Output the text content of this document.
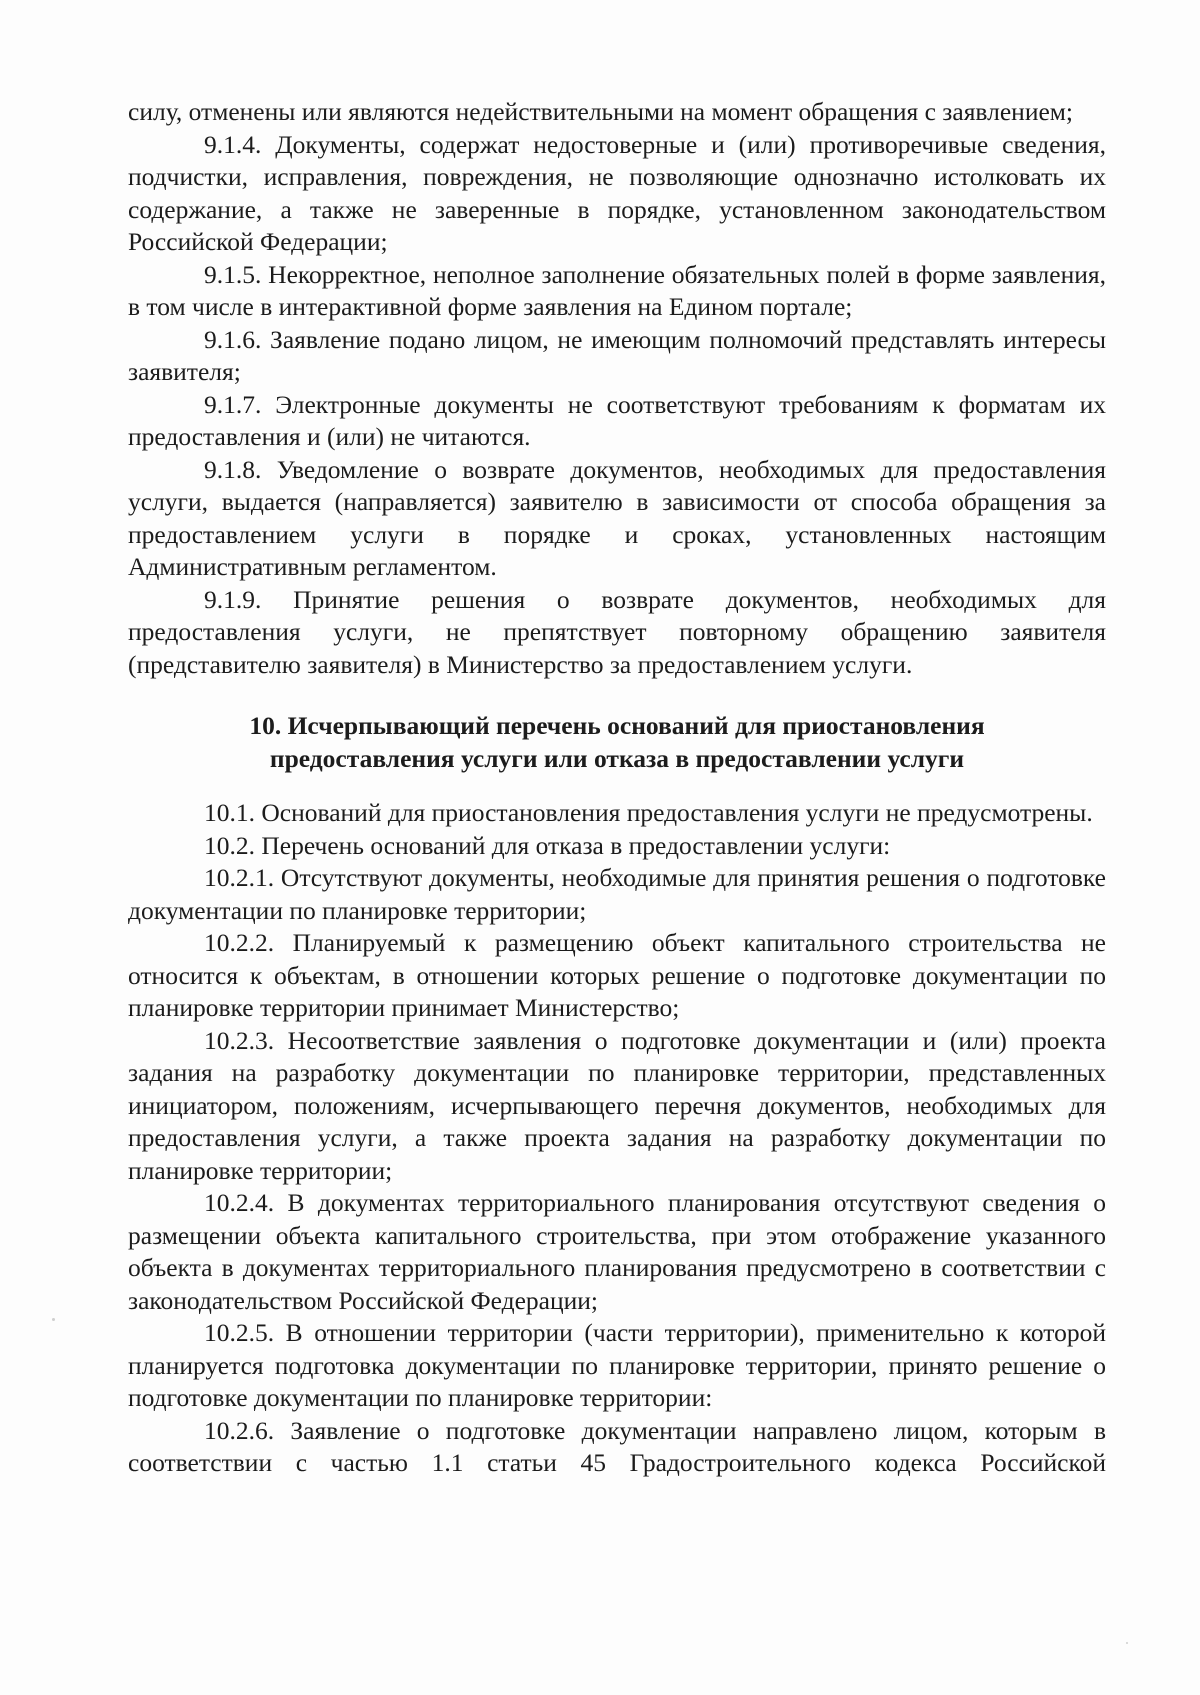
силу, отменены или являются недействительными на момент обращения с заявлением;

9.1.4. Документы, содержат недостоверные и (или) противоречивые сведения, подчистки, исправления, повреждения, не позволяющие однозначно истолковать их содержание, а также не заверенные в порядке, установленном законодательством Российской Федерации;

9.1.5. Некорректное, неполное заполнение обязательных полей в форме заявления, в том числе в интерактивной форме заявления на Едином портале;

9.1.6. Заявление подано лицом, не имеющим полномочий представлять интересы заявителя;

9.1.7. Электронные документы не соответствуют требованиям к форматам их предоставления и (или) не читаются.

9.1.8. Уведомление о возврате документов, необходимых для предоставления услуги, выдается (направляется) заявителю в зависимости от способа обращения за предоставлением услуги в порядке и сроках, установленных настоящим Административным регламентом.

9.1.9. Принятие решения о возврате документов, необходимых для предоставления услуги, не препятствует повторному обращению заявителя (представителю заявителя) в Министерство за предоставлением услуги.

10. Исчерпывающий перечень оснований для приостановления
предоставления услуги или отказа в предоставлении услуги

10.1. Оснований для приостановления предоставления услуги не предусмотрены.

10.2. Перечень оснований для отказа в предоставлении услуги:

10.2.1. Отсутствуют документы, необходимые для принятия решения о подготовке документации по планировке территории;

10.2.2. Планируемый к размещению объект капитального строительства не относится к объектам, в отношении которых решение о подготовке документации по планировке территории принимает Министерство;

10.2.3. Несоответствие заявления о подготовке документации и (или) проекта задания на разработку документации по планировке территории, представленных инициатором, положениям, исчерпывающего перечня документов, необходимых для предоставления услуги, а также проекта задания на разработку документации по планировке территории;

10.2.4. В документах территориального планирования отсутствуют сведения о размещении объекта капитального строительства, при этом отображение указанного объекта в документах территориального планирования предусмотрено в соответствии с законодательством Российской Федерации;

10.2.5. В отношении территории (части территории), применительно к которой планируется подготовка документации по планировке территории, принято решение о подготовке документации по планировке территории:

10.2.6. Заявление о подготовке документации направлено лицом, которым в соответствии с частью 1.1 статьи 45 Градостроительного кодекса Российской
